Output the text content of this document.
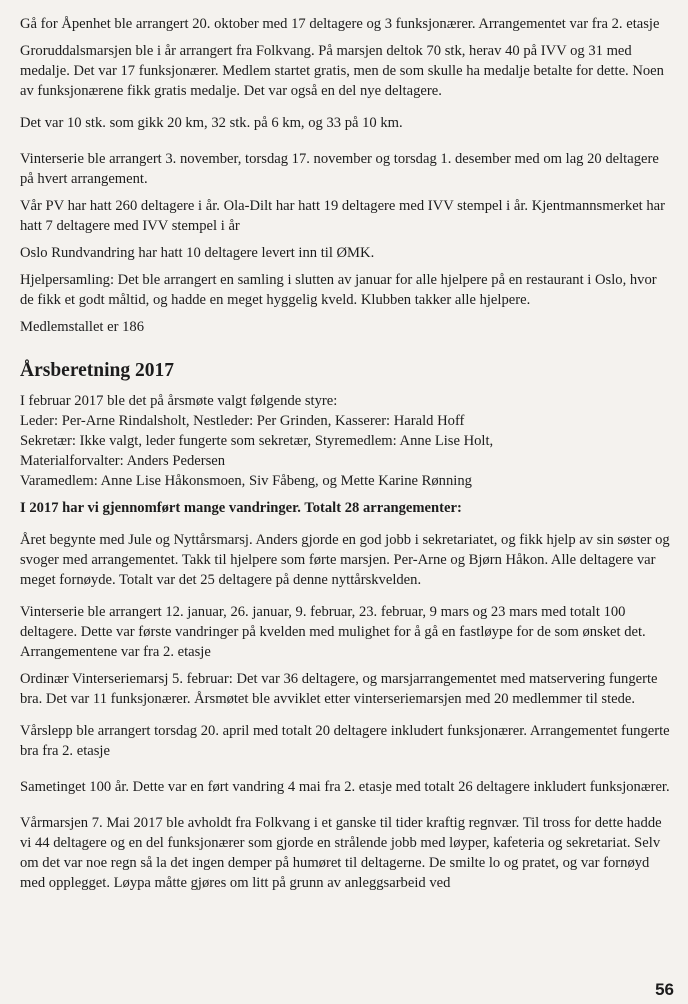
Gå for Åpenhet ble arrangert 20. oktober med 17 deltagere og 3 funksjonærer. Arrangementet var fra 2. etasje

Groruddalsmarsjen ble i år arrangert fra Folkvang. På marsjen deltok 70 stk, herav 40 på IVV og 31 med medalje. Det var 17 funksjonærer. Medlem startet gratis, men de som skulle ha medalje betalte for dette. Noen av funksjonærene fikk gratis medalje. Det var også en del nye deltagere.

Det var 10 stk. som gikk 20 km, 32 stk. på 6 km, og 33 på 10 km.

Vinterserie ble arrangert 3. november, torsdag 17. november og torsdag 1. desember med om lag 20 deltagere på hvert arrangement.

Vår PV har hatt 260 deltagere i år. Ola-Dilt har hatt 19 deltagere med IVV stempel i år. Kjentmannsmerket har hatt 7 deltagere med IVV stempel i år

Oslo Rundvandring har hatt 10 deltagere levert inn til ØMK.

Hjelpersamling: Det ble arrangert en samling i slutten av januar for alle hjelpere på en restaurant i Oslo, hvor de fikk et godt måltid, og hadde en meget hyggelig kveld. Klubben takker alle hjelpere.

Medlemstallet er 186

Årsberetning 2017
I februar 2017 ble det på årsmøte valgt følgende styre:
Leder: Per-Arne Rindalsholt, Nestleder: Per Grinden, Kasserer: Harald Hoff
Sekretær: Ikke valgt, leder fungerte som sekretær, Styremedlem: Anne Lise Holt,
Materialforvalter: Anders Pedersen
Varamedlem: Anne Lise Håkonsmoen, Siv Fåbeng, og Mette Karine Rønning

I 2017 har vi gjennomført mange vandringer. Totalt 28 arrangementer:

Året begynte med Jule og Nyttårsmarsj. Anders gjorde en god jobb i sekretariatet, og fikk hjelp av sin søster og svoger med arrangementet. Takk til hjelpere som førte marsjen. Per-Arne og Bjørn Håkon. Alle deltagere var meget fornøyde. Totalt var det 25 deltagere på denne nyttårskvelden.

Vinterserie ble arrangert 12. januar, 26. januar, 9. februar, 23. februar, 9 mars og 23 mars med totalt 100 deltagere. Dette var første vandringer på kvelden med mulighet for å gå en fastløype for de som ønsket det. Arrangementene var fra 2. etasje

Ordinær Vinterseriemarsj 5. februar: Det var 36 deltagere, og marsjarrangementet med matservering fungerte bra. Det var 11 funksjonærer. Årsmøtet ble avviklet etter vinterseriemarsjen med 20 medlemmer til stede.

Vårslepp ble arrangert torsdag 20. april med totalt 20 deltagere inkludert funksjonærer. Arrangementet fungerte bra fra 2. etasje

Sametinget 100 år. Dette var en ført vandring 4 mai fra 2. etasje med totalt 26 deltagere inkludert funksjonærer.

Vårmarsjen 7. Mai 2017 ble avholdt fra Folkvang i et ganske til tider kraftig regnvær. Til tross for dette hadde vi 44 deltagere og en del funksjonærer som gjorde en strålende jobb med løyper, kafeteria og sekretariat. Selv om det var noe regn så la det ingen demper på humøret til deltagerne. De smilte lo og pratet, og var fornøyd med opplegget. Løypa måtte gjøres om litt på grunn av anleggsarbeid ved

56
